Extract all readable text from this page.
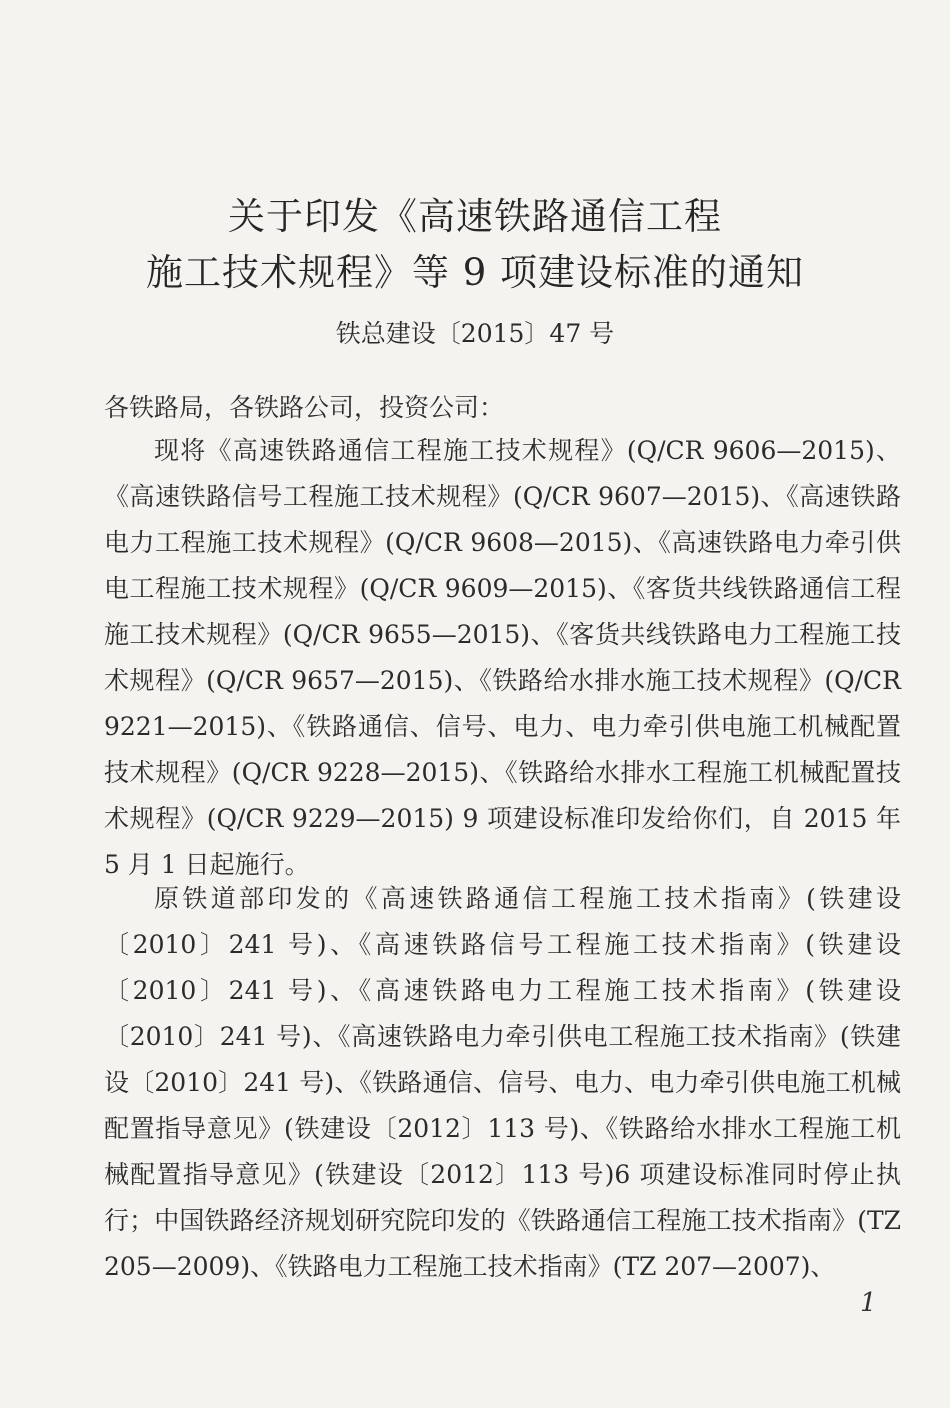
关于印发《高速铁路通信工程
施工技术规程》等 9 项建设标准的通知
铁总建设〔2015〕47 号
各铁路局，各铁路公司，投资公司：
现将《高速铁路通信工程施工技术规程》(Q/CR 9606—2015)、《高速铁路信号工程施工技术规程》(Q/CR 9607—2015)、《高速铁路电力工程施工技术规程》(Q/CR 9608—2015)、《高速铁路电力牵引供电工程施工技术规程》(Q/CR 9609—2015)、《客货共线铁路通信工程施工技术规程》(Q/CR 9655—2015)、《客货共线铁路电力工程施工技术规程》(Q/CR 9657—2015)、《铁路给水排水施工技术规程》(Q/CR 9221—2015)、《铁路通信、信号、电力、电力牵引供电施工机械配置技术规程》(Q/CR 9228—2015)、《铁路给水排水工程施工机械配置技术规程》(Q/CR 9229—2015) 9 项建设标准印发给你们，自 2015 年 5 月 1 日起施行。
原铁道部印发的《高速铁路通信工程施工技术指南》(铁建设〔2010〕241 号)、《高速铁路信号工程施工技术指南》(铁建设〔2010〕241 号)、《高速铁路电力工程施工技术指南》(铁建设〔2010〕241 号)、《高速铁路电力牵引供电工程施工技术指南》(铁建设〔2010〕241 号)、《铁路通信、信号、电力、电力牵引供电施工机械配置指导意见》(铁建设〔2012〕113 号)、《铁路给水排水工程施工机械配置指导意见》(铁建设〔2012〕113 号)6 项建设标准同时停止执行；中国铁路经济规划研究院印发的《铁路通信工程施工技术指南》(TZ 205—2009)、《铁路电力工程施工技术指南》(TZ 207—2007)、
1
